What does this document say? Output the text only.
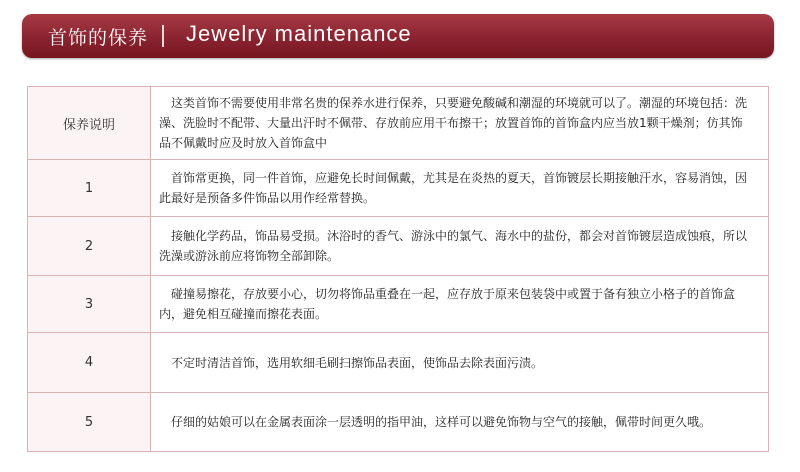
首饰的保养 Jewelry maintenance
保养说明	这类首饰不需要使用非常名贵的保养水进行保养，只要避免酸碱和潮湿的环境就可以了。潮湿的环境包括：洗澡、洗脸时不配带、大量出汗时不佩带、存放前应用干布擦干；放置首饰的首饰盒内应当放1颗干燥剂；仿其饰品不佩戴时应及时放入首饰盒中
1	首饰常更换，同一件首饰，应避免长时间佩戴，尤其是在炎热的夏天，首饰镀层长期接触汗水，容易消蚀，因此最好是预备多件饰品以用作经常替换。
2	接触化学药品，饰品易受损。沐浴时的香气、游泳中的氯气、海水中的盐份，都会对首饰镀层造成蚀痕，所以洗澡或游泳前应将饰物全部卸除。
3	碰撞易擦花，存放要小心，切勿将饰品重叠在一起，应存放于原来包装袋中或置于备有独立小格子的首饰盒内，避免相互碰撞而擦花表面。
4	不定时清洁首饰，选用软细毛刷扫擦饰品表面，使饰品去除表面污渍。
5	仔细的姑娘可以在金属表面涂一层透明的指甲油，这样可以避免饰物与空气的接触，佩带时间更久哦。
